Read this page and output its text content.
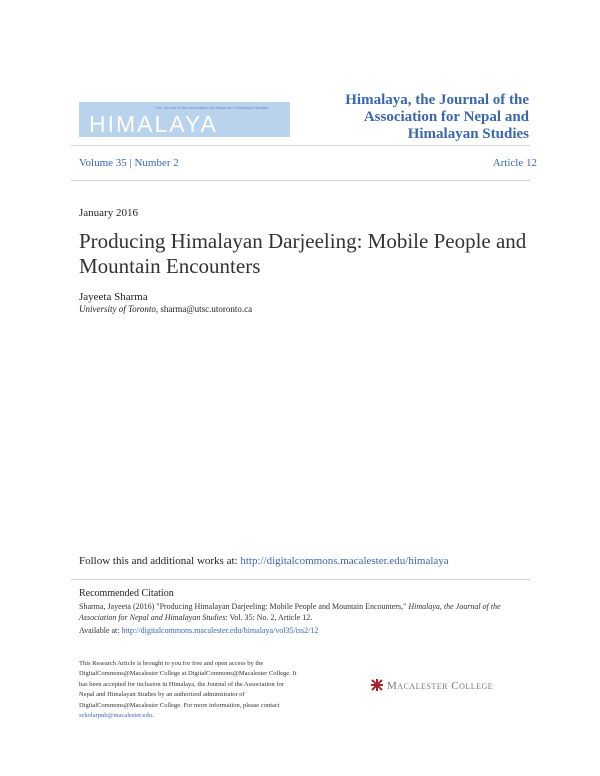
The Journal of the Association for Nepal and Himalayan Studies
HIMALAYA
Himalaya, the Journal of the Association for Nepal and Himalayan Studies
Volume 35 | Number 2	Article 12
January 2016
Producing Himalayan Darjeeling: Mobile People and Mountain Encounters
Jayeeta Sharma
University of Toronto, sharma@utsc.utoronto.ca
Follow this and additional works at: http://digitalcommons.macalester.edu/himalaya
Recommended Citation
Sharma, Jayeeta (2016) "Producing Himalayan Darjeeling: Mobile People and Mountain Encounters," Himalaya, the Journal of the Association for Nepal and Himalayan Studies: Vol. 35: No. 2, Article 12.
Available at: http://digitalcommons.macalester.edu/himalaya/vol35/iss2/12
This Research Article is brought to you for free and open access by the DigitalCommons@Macalester College at DigitalCommons@Macalester College. It has been accepted for inclusion in Himalaya, the Journal of the Association for Nepal and Himalayan Studies by an authorized administrator of DigitalCommons@Macalester College. For more information, please contact scholarpub@macalester.edu.
Macalester College
